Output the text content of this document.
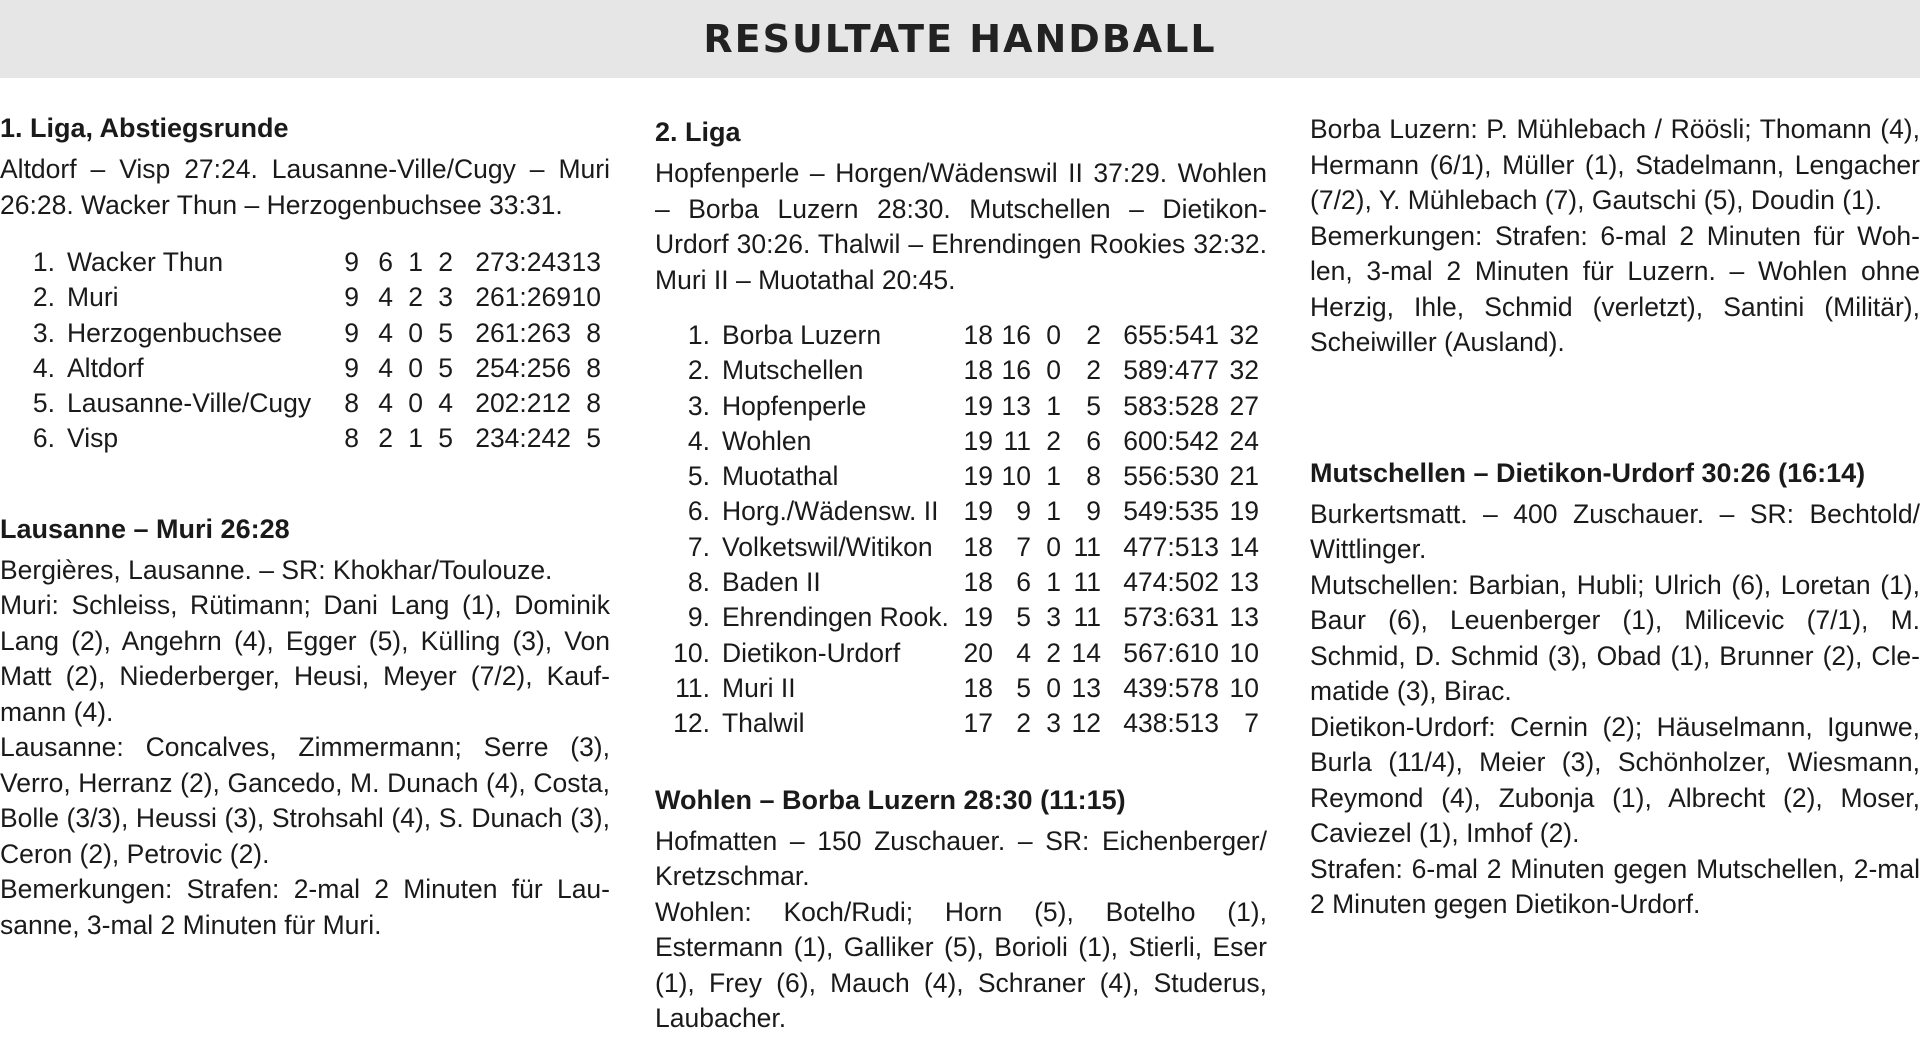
RESULTATE HANDBALL

1. Liga, Abstiegsrunde

Altdorf – Visp 27:24. Lausanne-Ville/Cugy – Muri 26:28. Wacker Thun – Herzogenbuchsee 33:31.

1.	Wacker Thun	9	6	1	2	273:243	13
2.	Muri	9	4	2	3	261:269	10
3.	Herzogenbuchsee	9	4	0	5	261:263	8
4.	Altdorf	9	4	0	5	254:256	8
5.	Lausanne-Ville/Cugy	8	4	0	4	202:212	8
6.	Visp	8	2	1	5	234:242	5

Lausanne – Muri 26:28

Bergières, Lausanne. – SR: Khokhar/Toulouze.

Muri: Schleiss, Rütimann; Dani Lang (1), Dominik Lang (2), Angehrn (4), Egger (5), Külling (3), Von Matt (2), Niederberger, Heusi, Meyer (7/2), Kaufmann (4).

Lausanne: Concalves, Zimmermann; Serre (3), Verro, Herranz (2), Gancedo, M. Dunach (4), Costa, Bolle (3/3), Heussi (3), Strohsahl (4), S. Dunach (3), Ceron (2), Petrovic (2).

Bemerkungen: Strafen: 2-mal 2 Minuten für Lausanne, 3-mal 2 Minuten für Muri.

2. Liga

Hopfenperle – Horgen/Wädenswil II 37:29. Wohlen – Borba Luzern 28:30. Mutschellen – Dietikon-Urdorf 30:26. Thalwil – Ehrendingen Rookies 32:32. Muri II – Muotathal 20:45.

1.	Borba Luzern	18	16	0	2	655:541	32
2.	Mutschellen	18	16	0	2	589:477	32
3.	Hopfenperle	19	13	1	5	583:528	27
4.	Wohlen	19	11	2	6	600:542	24
5.	Muotathal	19	10	1	8	556:530	21
6.	Horg./Wädensw. II	19	9	1	9	549:535	19
7.	Volketswil/Witikon	18	7	0	11	477:513	14
8.	Baden II	18	6	1	11	474:502	13
9.	Ehrendingen Rook.	19	5	3	11	573:631	13
10.	Dietikon-Urdorf	20	4	2	14	567:610	10
11.	Muri II	18	5	0	13	439:578	10
12.	Thalwil	17	2	3	12	438:513	7

Wohlen – Borba Luzern 28:30 (11:15)

Hofmatten – 150 Zuschauer. – SR: Eichenberger/ Kretzschmar.

Wohlen: Koch/Rudi; Horn (5), Botelho (1), Estermann (1), Galliker (5), Borioli (1), Stierli, Eser (1), Frey (6), Mauch (4), Schraner (4), Studerus, Laubacher.

Borba Luzern: P. Mühlebach / Röösli; Thomann (4), Hermann (6/1), Müller (1), Stadelmann, Lengacher (7/2), Y. Mühlebach (7), Gautschi (5), Doudin (1).

Bemerkungen: Strafen: 6-mal 2 Minuten für Wohlen, 3-mal 2 Minuten für Luzern. – Wohlen ohne Herzig, Ihle, Schmid (verletzt), Santini (Militär), Scheiwiller (Ausland).

Mutschellen – Dietikon-Urdorf 30:26 (16:14)

Burkertsmatt. – 400 Zuschauer. – SR: Bechtold/ Wittlinger.

Mutschellen: Barbian, Hubli; Ulrich (6), Loretan (1), Baur (6), Leuenberger (1), Milicevic (7/1), M. Schmid, D. Schmid (3), Obad (1), Brunner (2), Clematide (3), Birac.

Dietikon-Urdorf: Cernin (2); Häuselmann, Igunwe, Burla (11/4), Meier (3), Schönholzer, Wiesmann, Reymond (4), Zubonja (1), Albrecht (2), Moser, Caviezel (1), Imhof (2).

Strafen: 6-mal 2 Minuten gegen Mutschellen, 2-mal 2 Minuten gegen Dietikon-Urdorf.
